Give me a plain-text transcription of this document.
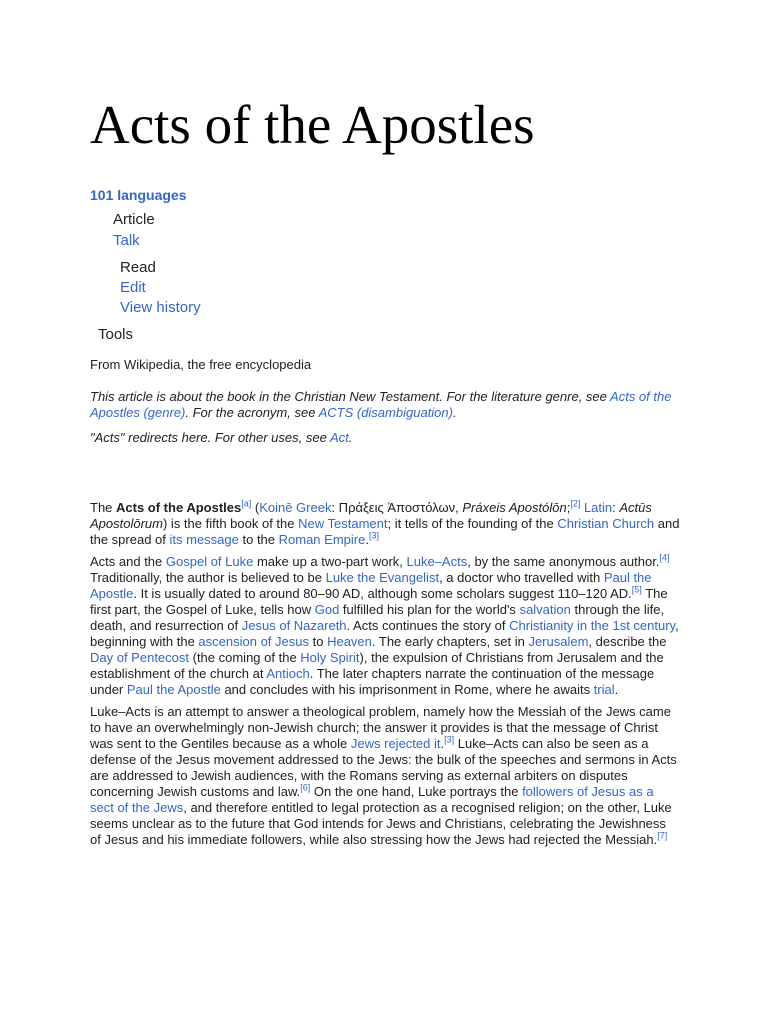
Acts of the Apostles
101 languages
Article
Talk
Read
Edit
View history
Tools
From Wikipedia, the free encyclopedia
This article is about the book in the Christian New Testament. For the literature genre, see Acts of the Apostles (genre). For the acronym, see ACTS (disambiguation).
"Acts" redirects here. For other uses, see Act.

The Acts of the Apostles[a] (Koinē Greek: Πράξεις Ἀποστόλων, Práxeis Apostólōn;[2] Latin: Actūs Apostolōrum) is the fifth book of the New Testament; it tells of the founding of the Christian Church and the spread of its message to the Roman Empire.[3]

Acts and the Gospel of Luke make up a two-part work, Luke–Acts, by the same anonymous author.[4] Traditionally, the author is believed to be Luke the Evangelist, a doctor who travelled with Paul the Apostle. It is usually dated to around 80–90 AD, although some scholars suggest 110–120 AD.[5] The first part, the Gospel of Luke, tells how God fulfilled his plan for the world's salvation through the life, death, and resurrection of Jesus of Nazareth. Acts continues the story of Christianity in the 1st century, beginning with the ascension of Jesus to Heaven. The early chapters, set in Jerusalem, describe the Day of Pentecost (the coming of the Holy Spirit), the expulsion of Christians from Jerusalem and the establishment of the church at Antioch. The later chapters narrate the continuation of the message under Paul the Apostle and concludes with his imprisonment in Rome, where he awaits trial.

Luke–Acts is an attempt to answer a theological problem, namely how the Messiah of the Jews came to have an overwhelmingly non-Jewish church; the answer it provides is that the message of Christ was sent to the Gentiles because as a whole Jews rejected it.[3] Luke–Acts can also be seen as a defense of the Jesus movement addressed to the Jews: the bulk of the speeches and sermons in Acts are addressed to Jewish audiences, with the Romans serving as external arbiters on disputes concerning Jewish customs and law.[6] On the one hand, Luke portrays the followers of Jesus as a sect of the Jews, and therefore entitled to legal protection as a recognised religion; on the other, Luke seems unclear as to the future that God intends for Jews and Christians, celebrating the Jewishness of Jesus and his immediate followers, while also stressing how the Jews had rejected the Messiah.[7]
